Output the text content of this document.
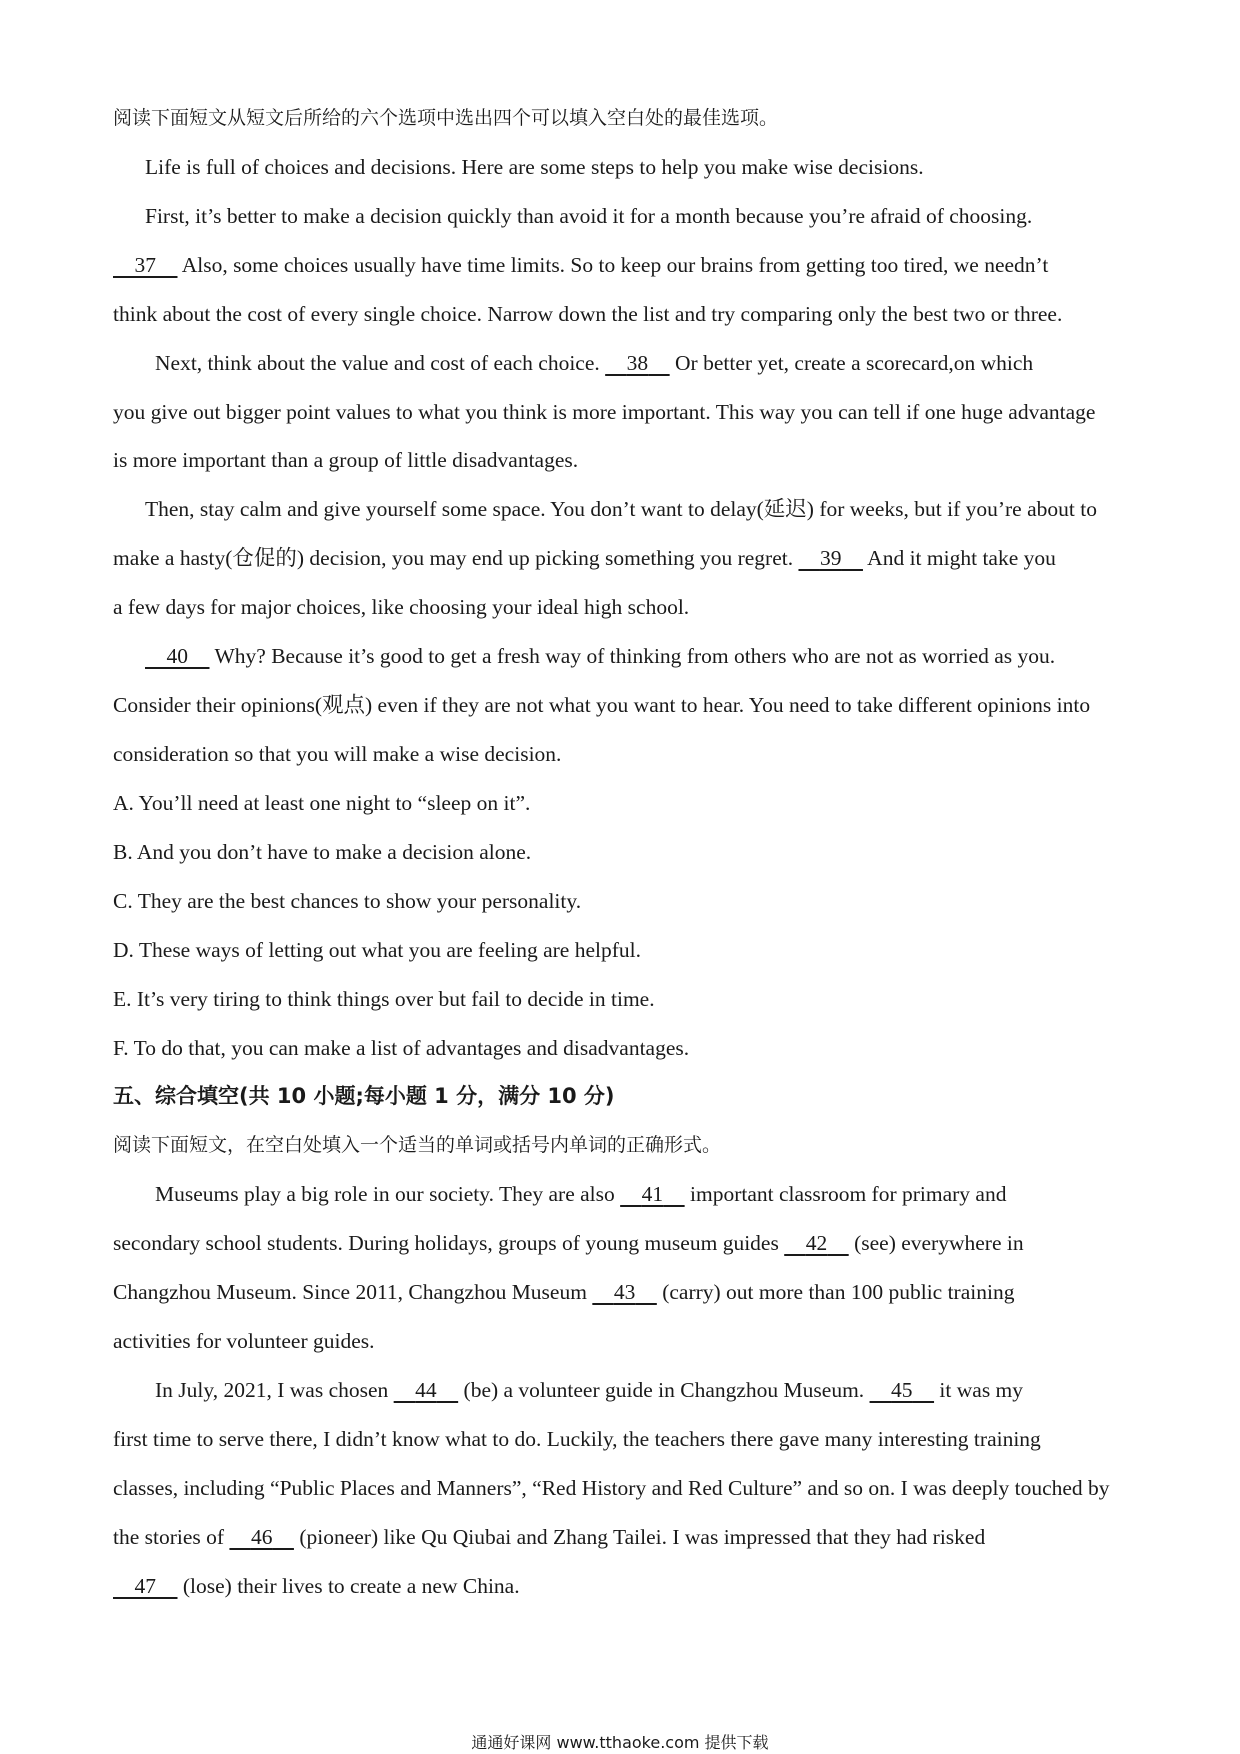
阅读下面短文从短文后所给的六个选项中选出四个可以填入空白处的最佳选项。
Life is full of choices and decisions. Here are some steps to help you make wise decisions.
First, it’s better to make a decision quickly than avoid it for a month because you’re afraid of choosing.
37 Also, some choices usually have time limits. So to keep our brains from getting too tired, we needn’t
think about the cost of every single choice. Narrow down the list and try comparing only the best two or three.
Next, think about the value and cost of each choice. 38 Or better yet, create a scorecard,on which
you give out bigger point values to what you think is more important. This way you can tell if one huge advantage
is more important than a group of little disadvantages.
Then, stay calm and give yourself some space. You don’t want to delay(延迟) for weeks, but if you’re about to
make a hasty(仓促的) decision, you may end up picking something you regret. 39 And it might take you
a few days for major choices, like choosing your ideal high school.
40 Why? Because it’s good to get a fresh way of thinking from others who are not as worried as you.
Consider their opinions(观点) even if they are not what you want to hear. You need to take different opinions into
consideration so that you will make a wise decision.
A. You’ll need at least one night to “sleep on it”.
B. And you don’t have to make a decision alone.
C. They are the best chances to show your personality.
D. These ways of letting out what you are feeling are helpful.
E. It’s very tiring to think things over but fail to decide in time.
F. To do that, you can make a list of advantages and disadvantages.
五、综合填空(共 10 小题;每小题 1 分，满分 10 分)
阅读下面短文，在空白处填入一个适当的单词或括号内单词的正确形式。
Museums play a big role in our society. They are also 41 important classroom for primary and
secondary school students. During holidays, groups of young museum guides 42 (see) everywhere in
Changzhou Museum. Since 2011, Changzhou Museum 43 (carry) out more than 100 public training
activities for volunteer guides.
In July, 2021, I was chosen 44 (be) a volunteer guide in Changzhou Museum. 45 it was my
first time to serve there, I didn’t know what to do. Luckily, the teachers there gave many interesting training
classes, including “Public Places and Manners”, “Red History and Red Culture” and so on. I was deeply touched by
the stories of 46 (pioneer) like Qu Qiubai and Zhang Tailei. I was impressed that they had risked
47 (lose) their lives to create a new China.
通通好课网 www.tthaoke.com 提供下载
